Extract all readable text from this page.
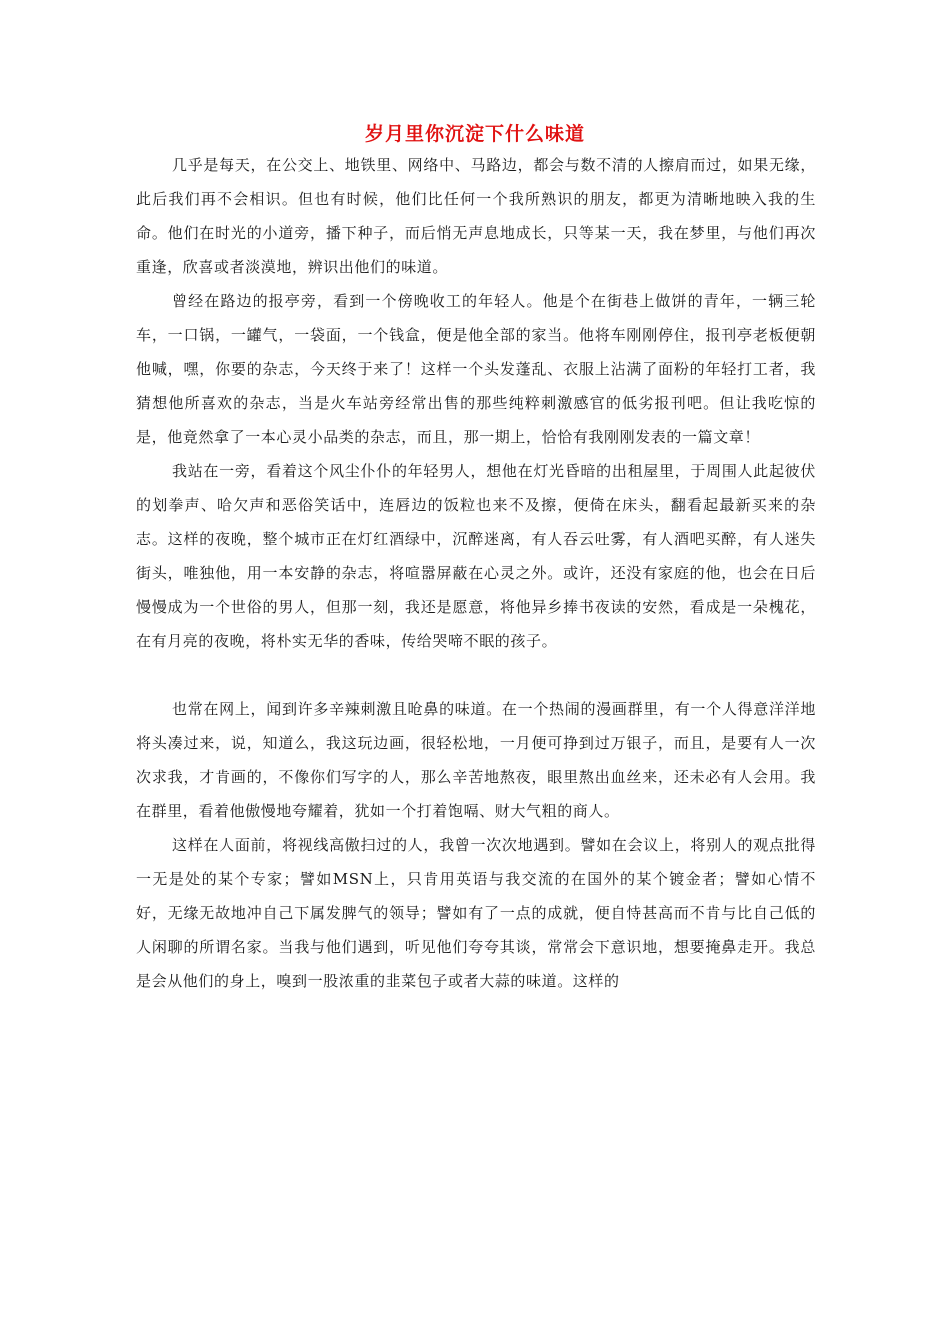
岁月里你沉淀下什么味道

几乎是每天，在公交上、地铁里、网络中、马路边，都会与数不清的人擦肩而过，如果无缘，此后我们再不会相识。但也有时候，他们比任何一个我所熟识的朋友，都更为清晰地映入我的生命。他们在时光的小道旁，播下种子，而后悄无声息地成长，只等某一天，我在梦里，与他们再次重逢，欣喜或者淡漠地，辨识出他们的味道。

曾经在路边的报亭旁，看到一个傍晚收工的年轻人。他是个在街巷上做饼的青年，一辆三轮车，一口锅，一罐气，一袋面，一个钱盒，便是他全部的家当。他将车刚刚停住，报刊亭老板便朝他喊，嘿，你要的杂志，今天终于来了！这样一个头发蓬乱、衣服上沾满了面粉的年轻打工者，我猜想他所喜欢的杂志，当是火车站旁经常出售的那些纯粹刺激感官的低劣报刊吧。但让我吃惊的是，他竟然拿了一本心灵小品类的杂志，而且，那一期上，恰恰有我刚刚发表的一篇文章！

我站在一旁，看着这个风尘仆仆的年轻男人，想他在灯光昏暗的出租屋里，于周围人此起彼伏的划拳声、哈欠声和恶俗笑话中，连唇边的饭粒也来不及擦，便倚在床头，翻看起最新买来的杂志。这样的夜晚，整个城市正在灯红酒绿中，沉醉迷离，有人吞云吐雾，有人酒吧买醉，有人迷失街头，唯独他，用一本安静的杂志，将喧嚣屏蔽在心灵之外。或许，还没有家庭的他，也会在日后慢慢成为一个世俗的男人，但那一刻，我还是愿意，将他异乡捧书夜读的安然，看成是一朵槐花，在有月亮的夜晚，将朴实无华的香味，传给哭啼不眠的孩子。

也常在网上，闻到许多辛辣刺激且呛鼻的味道。在一个热闹的漫画群里，有一个人得意洋洋地将头凑过来，说，知道么，我这玩边画，很轻松地，一月便可挣到过万银子，而且，是要有人一次次求我，才肯画的，不像你们写字的人，那么辛苦地熬夜，眼里熬出血丝来，还未必有人会用。我在群里，看着他傲慢地夸耀着，犹如一个打着饱嗝、财大气粗的商人。

这样在人面前，将视线高傲扫过的人，我曾一次次地遇到。譬如在会议上，将别人的观点批得一无是处的某个专家；譬如MSN上，只肯用英语与我交流的在国外的某个镀金者；譬如心情不好，无缘无故地冲自己下属发脾气的领导；譬如有了一点的成就，便自恃甚高而不肯与比自己低的人闲聊的所谓名家。当我与他们遇到，听见他们夸夸其谈，常常会下意识地，想要掩鼻走开。我总是会从他们的身上，嗅到一股浓重的韭菜包子或者大蒜的味道。这样的
